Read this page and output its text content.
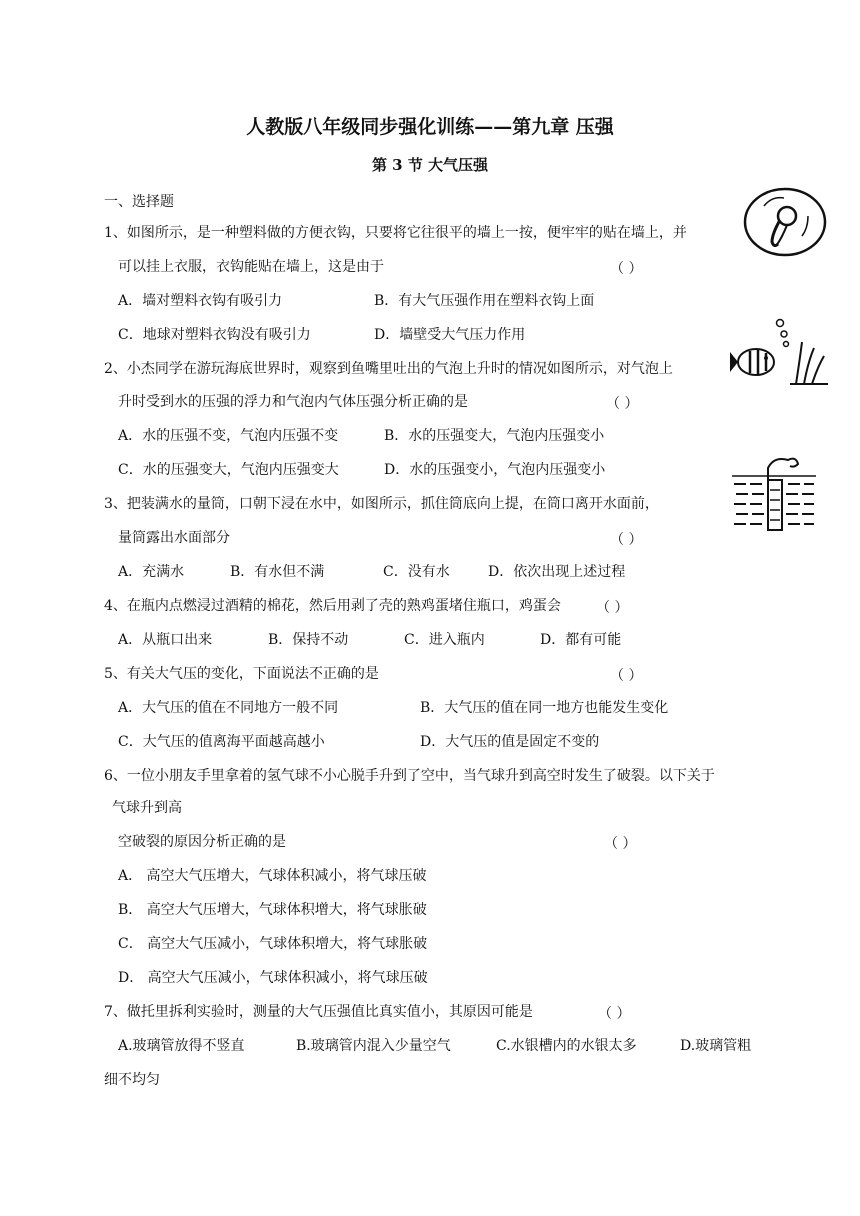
人教版八年级同步强化训练——第九章 压强
第 3 节 大气压强
一、选择题
1、如图所示，是一种塑料做的方便衣钩，只要将它往很平的墙上一按，便牢牢的贴在墙上，并
可以挂上衣服，衣钩能贴在墙上，这是由于	（ ）
A．墙对塑料衣钩有吸引力	B．有大气压强作用在塑料衣钩上面
C．地球对塑料衣钩没有吸引力	D．墙壁受大气压力作用
2、小杰同学在游玩海底世界时，观察到鱼嘴里吐出的气泡上升时的情况如图所示，对气泡上
升时受到水的压强的浮力和气泡内气体压强分析正确的是	（ ）
A．水的压强不变，气泡内压强不变	B．水的压强变大，气泡内压强变小
C．水的压强变大，气泡内压强变大	D．水的压强变小，气泡内压强变小
3、把装满水的量筒，口朝下浸在水中，如图所示，抓住筒底向上提，在筒口离开水面前，
量筒露出水面部分	（ ）
A．充满水	B．有水但不满	C．没有水	D．依次出现上述过程
4、在瓶内点燃浸过酒精的棉花，然后用剥了壳的熟鸡蛋堵住瓶口，鸡蛋会	（ ）
A．从瓶口出来	B．保持不动	C．进入瓶内	D．都有可能
5、有关大气压的变化，下面说法不正确的是	（ ）
A．大气压的值在不同地方一般不同	B．大气压的值在同一地方也能发生变化
C．大气压的值离海平面越高越小	D．大气压的值是固定不变的
6、一位小朋友手里拿着的氢气球不小心脱手升到了空中，当气球升到高空时发生了破裂。以下关于
气球升到高
空破裂的原因分析正确的是	（ ）
A． 高空大气压增大，气球体积减小，将气球压破
B． 高空大气压增大，气球体积增大，将气球胀破
C． 高空大气压减小，气球体积增大，将气球胀破
D． 高空大气压减小，气球体积减小，将气球压破
7、做托里拆利实验时，测量的大气压强值比真实值小，其原因可能是	（ ）
A.玻璃管放得不竖直	B.玻璃管内混入少量空气	C.水银槽内的水银太多	D.玻璃管粗
细不均匀
